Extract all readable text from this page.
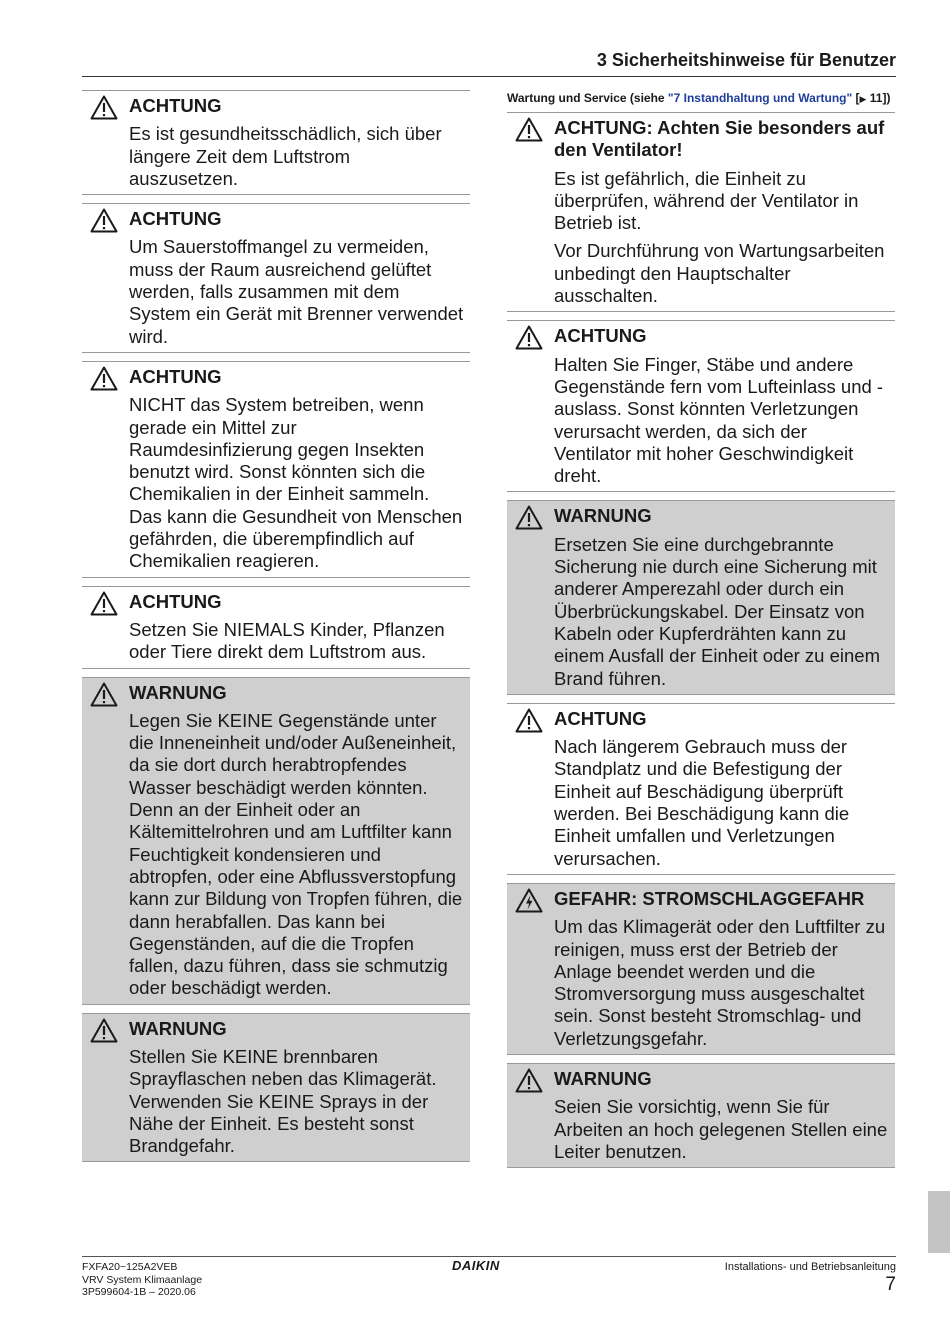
3 Sicherheitshinweise für Benutzer
ACHTUNG

Es ist gesundheitsschädlich, sich über längere Zeit dem Luftstrom auszusetzen.

ACHTUNG

Um Sauerstoffmangel zu vermeiden, muss der Raum ausreichend gelüftet werden, falls zusammen mit dem System ein Gerät mit Brenner verwendet wird.

ACHTUNG

NICHT das System betreiben, wenn gerade ein Mittel zur Raumdesinfizierung gegen Insekten benutzt wird. Sonst könnten sich die Chemikalien in der Einheit sammeln. Das kann die Gesundheit von Menschen gefährden, die überempfindlich auf Chemikalien reagieren.

ACHTUNG

Setzen Sie NIEMALS Kinder, Pflanzen oder Tiere direkt dem Luftstrom aus.

WARNUNG

Legen Sie KEINE Gegenstände unter die Inneneinheit und/oder Außeneinheit, da sie dort durch herabtropfendes Wasser beschädigt werden könnten. Denn an der Einheit oder an Kältemittelrohren und am Luftfilter kann Feuchtigkeit kondensieren und abtropfen, oder eine Abflussverstopfung kann zur Bildung von Tropfen führen, die dann herabfallen. Das kann bei Gegenständen, auf die die Tropfen fallen, dazu führen, dass sie schmutzig oder beschädigt werden.

WARNUNG

Stellen Sie KEINE brennbaren Sprayflaschen neben das Klimagerät. Verwenden Sie KEINE Sprays in der Nähe der Einheit. Es besteht sonst Brandgefahr.

Wartung und Service (siehe "7 Instandhaltung und Wartung" [▶ 11])
ACHTUNG: Achten Sie besonders auf den Ventilator!

Es ist gefährlich, die Einheit zu überprüfen, während der Ventilator in Betrieb ist.

Vor Durchführung von Wartungsarbeiten unbedingt den Hauptschalter ausschalten.

ACHTUNG

Halten Sie Finger, Stäbe und andere Gegenstände fern vom Lufteinlass und -auslass. Sonst könnten Verletzungen verursacht werden, da sich der Ventilator mit hoher Geschwindigkeit dreht.

WARNUNG

Ersetzen Sie eine durchgebrannte Sicherung nie durch eine Sicherung mit anderer Amperezahl oder durch ein Überbrückungskabel. Der Einsatz von Kabeln oder Kupferdrähten kann zu einem Ausfall der Einheit oder zu einem Brand führen.

ACHTUNG

Nach längerem Gebrauch muss der Standplatz und die Befestigung der Einheit auf Beschädigung überprüft werden. Bei Beschädigung kann die Einheit umfallen und Verletzungen verursachen.

GEFAHR: STROMSCHLAGGEFAHR

Um das Klimagerät oder den Luftfilter zu reinigen, muss erst der Betrieb der Anlage beendet werden und die Stromversorgung muss ausgeschaltet sein. Sonst besteht Stromschlag- und Verletzungsgefahr.

WARNUNG

Seien Sie vorsichtig, wenn Sie für Arbeiten an hoch gelegenen Stellen eine Leiter benutzen.

FXFA20~125A2VEB
VRV System Klimaanlage
3P599604-1B – 2020.06
DAIKIN	Installations- und Betriebsanleitung
7
